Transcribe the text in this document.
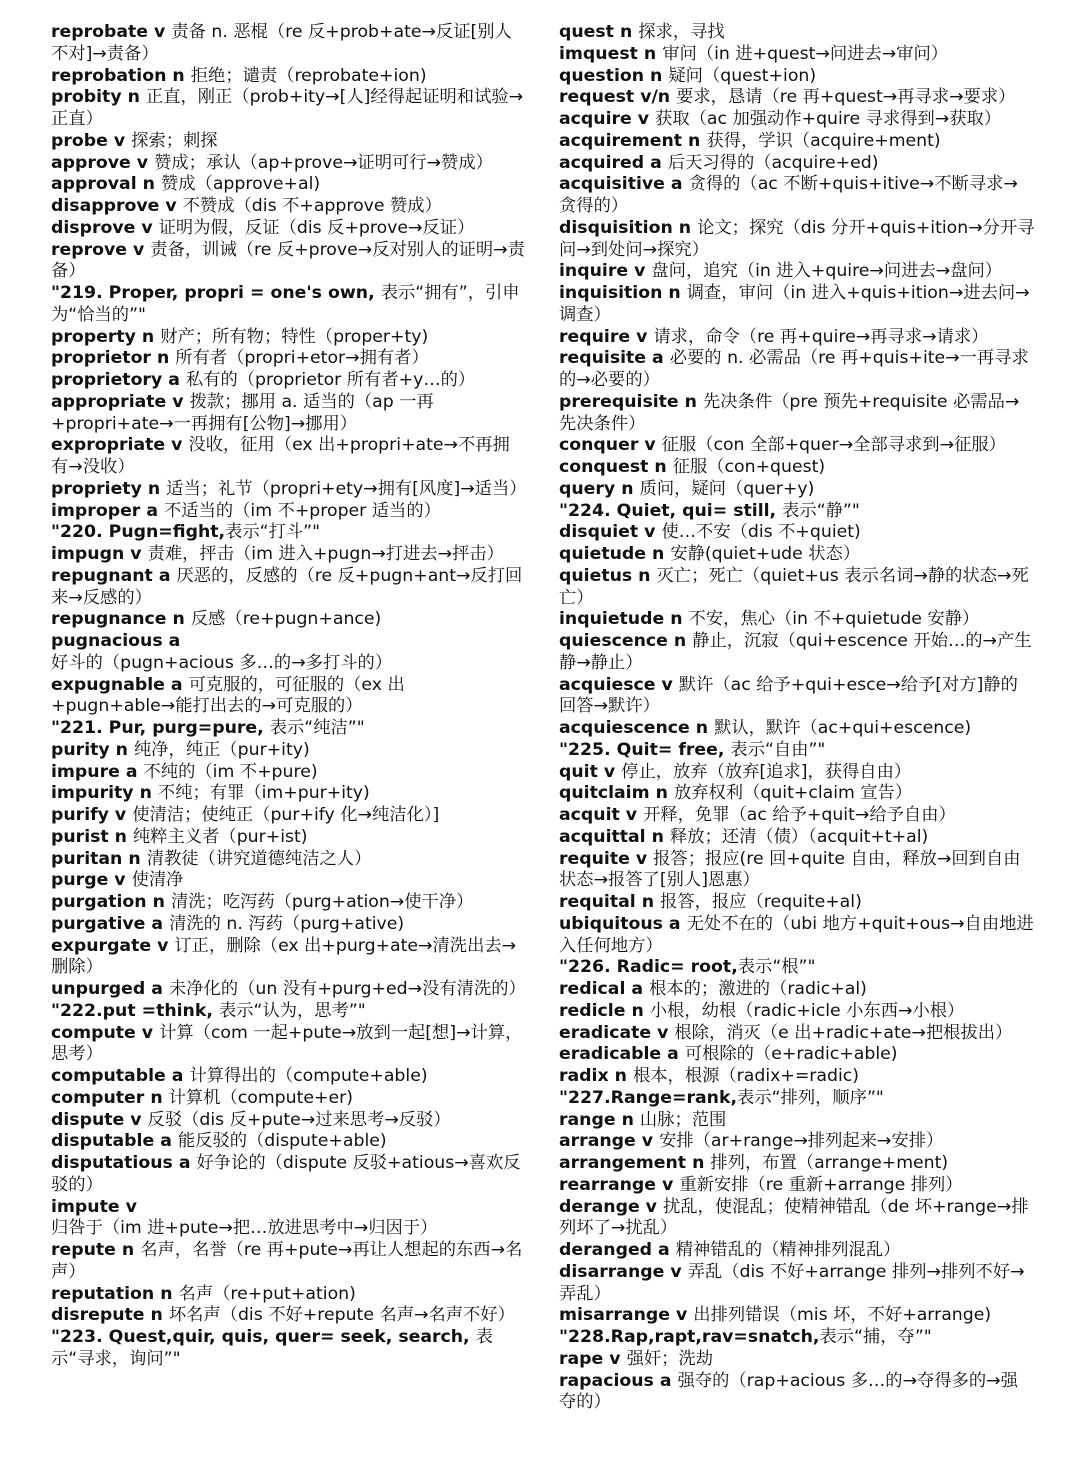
reprobate v 责备 n. 恶棍（re 反+prob+ate→反证[别人不对]→责备）
reprobation n 拒绝；谴责（reprobate+ion)
probity n 正直，刚正（prob+ity→[人]经得起证明和试验→正直）
probe v 探索；刺探
approve v 赞成；承认（ap+prove→证明可行→赞成）
approval n 赞成（approve+al)
disapprove v 不赞成（dis 不+approve 赞成）
disprove v 证明为假，反证（dis 反+prove→反证）
reprove v 责备，训诫（re 反+prove→反对别人的证明→责备）
"219. Proper, propri = one's own, 表示“拥有”，引申为“恰当的”"
property n 财产；所有物；特性（proper+ty)
proprietor n 所有者（propri+etor→拥有者）
proprietory a 私有的（proprietor 所有者+y…的）
appropriate v 拨款；挪用 a. 适当的（ap 一再+propri+ate→一再拥有[公物]→挪用）
expropriate v 没收，征用（ex 出+propri+ate→不再拥有→没收）
propriety n 适当；礼节（propri+ety→拥有[风度]→适当）
improper a 不适当的（im 不+proper 适当的）
"220. Pugn=fight,表示“打斗”"
impugn v 责难，抨击（im 进入+pugn→打进去→抨击）
repugnant a 厌恶的，反感的（re 反+pugn+ant→反打回来→反感的）
repugnance n 反感（re+pugn+ance)
pugnacious a 好斗的（pugn+acious 多…的→多打斗的）
expugnable a 可克服的，可征服的（ex 出+pugn+able→能打出去的→可克服的）
"221. Pur, purg=pure, 表示“纯洁”"
purity n 纯净，纯正（pur+ity)
impure a 不纯的（im 不+pure)
impurity n 不纯；有罪（im+pur+ity)
purify v 使清洁；使纯正（pur+ify 化→纯洁化）]
purist n 纯粹主义者（pur+ist)
puritan n 清教徒（讲究道德纯洁之人）
purge v 使清净
purgation n 清洗；吃泻药（purg+ation→使干净）
purgative a 清洗的 n. 泻药（purg+ative)
expurgate v 订正，删除（ex 出+purg+ate→清洗出去→删除）
unpurged a 未净化的（un 没有+purg+ed→没有清洗的）
"222.put =think, 表示“认为，思考”"
compute v 计算（com 一起+pute→放到一起[想]→计算，思考）
computable a 计算得出的（compute+able)
computer n 计算机（compute+er)
dispute v 反驳（dis 反+pute→过来思考→反驳）
disputable a 能反驳的（dispute+able)
disputatious a 好争论的（dispute 反驳+atious→喜欢反驳的）
impute v 归咎于（im 进+pute→把…放进思考中→归因于）
repute n 名声，名誉（re 再+pute→再让人想起的东西→名声）
reputation n 名声（re+put+ation)
disrepute n 坏名声（dis 不好+repute 名声→名声不好）
"223. Quest,quir, quis, quer= seek, search, 表示“寻求，询问”"
quest n 探求，寻找
imquest n 审问（in 进+quest→问进去→审问）
question n 疑问（quest+ion)
request v/n 要求，恳请（re 再+quest→再寻求→要求）
acquire v 获取（ac 加强动作+quire 寻求得到→获取）
acquirement n 获得，学识（acquire+ment)
acquired a 后天习得的（acquire+ed)
acquisitive a 贪得的（ac 不断+quis+itive→不断寻求→贪得的）
disquisition n 论文；探究（dis 分开+quis+ition→分开寻问→到处问→探究）
inquire v 盘问，追究（in 进入+quire→问进去→盘问）
inquisition n 调查，审问（in 进入+quis+ition→进去问→调查）
require v 请求，命令（re 再+quire→再寻求→请求）
requisite a 必要的 n. 必需品（re 再+quis+ite→一再寻求的→必要的）
prerequisite n 先决条件（pre 预先+requisite 必需品→先决条件）
conquer v 征服（con 全部+quer→全部寻求到→征服）
conquest n 征服（con+quest)
query n 质问，疑问（quer+y)
"224. Quiet, qui= still, 表示“静”"
disquiet v 使…不安（dis 不+quiet)
quietude n 安静(quiet+ude 状态）
quietus n 灭亡；死亡（quiet+us 表示名词→静的状态→死亡）
inquietude n 不安，焦心（in 不+quietude 安静）
quiescence n 静止，沉寂（qui+escence 开始…的→产生静→静止）
acquiesce v 默许（ac 给予+qui+esce→给予[对方]静的回答→默许）
acquiescence n 默认，默许（ac+qui+escence)
"225. Quit= free, 表示“自由”"
quit v 停止，放弃（放弃[追求]，获得自由）
quitclaim n 放弃权利（quit+claim 宣告）
acquit v 开释，免罪（ac 给予+quit→给予自由）
acquittal n 释放；还清（债）（acquit+t+al)
requite v 报答；报应(re 回+quite 自由，释放→回到自由状态→报答了[别人]恩惠）
requital n 报答，报应（requite+al)
ubiquitous a 无处不在的（ubi 地方+quit+ous→自由地进入任何地方）
"226. Radic= root,表示“根”"
redical a 根本的；激进的（radic+al)
redicle n 小根，幼根（radic+icle 小东西→小根）
eradicate v 根除，消灭（e 出+radic+ate→把根拔出）
eradicable a 可根除的（e+radic+able)
radix n 根本，根源（radix+=radic)
"227.Range=rank,表示“排列，顺序”"
range n 山脉；范围
arrange v 安排（ar+range→排列起来→安排）
arrangement n 排列，布置（arrange+ment)
rearrange v 重新安排（re 重新+arrange 排列）
derange v 扰乱，使混乱；使精神错乱（de 坏+range→排列坏了→扰乱）
deranged a 精神错乱的（精神排列混乱）
disarrange v 弄乱（dis 不好+arrange 排列→排列不好→弄乱）
misarrange v 出排列错误（mis 坏，不好+arrange)
"228.Rap,rapt,rav=snatch,表示“捕，夺”"
rape v 强奸；洗劫
rapacious a 强夺的（rap+acious 多…的→夺得多的→强夺的）
